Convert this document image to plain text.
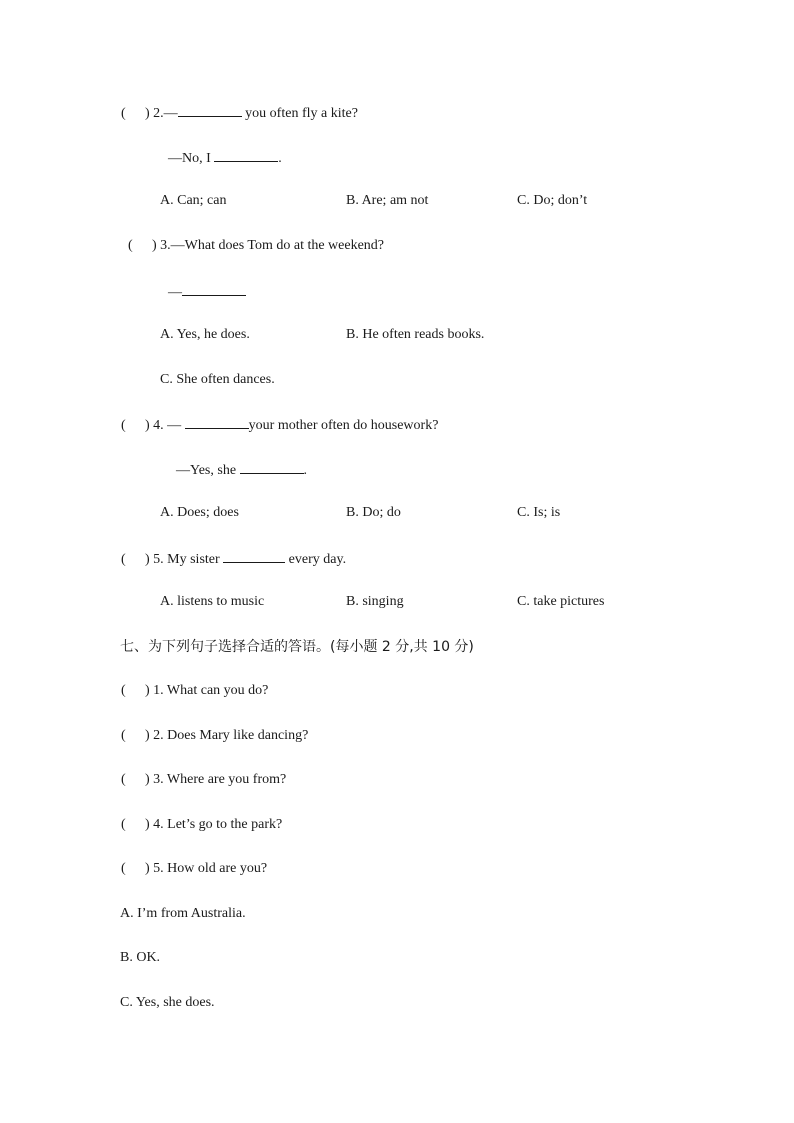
( ) 2.—	you often fly a kite?
—No, I	.
A. Can; can	B. Are; am not	C. Do; don’t
( ) 3.—What does Tom do at the weekend?
—
A. Yes, he does.	B. He often reads books.
C. She often dances.
( ) 4. —	your mother often do housework?
—Yes, she	.
A. Does; does	B. Do; do	C. Is; is
( ) 5. My sister	every day.
A. listens to music	B. singing	C. take pictures
七、为下列句子选择合适的答语。(每小题 2 分,共 10 分)
( ) 1. What can you do?
( ) 2. Does Mary like dancing?
( ) 3. Where are you from?
( ) 4. Let’s go to the park?
( ) 5. How old are you?
A. I’m from Australia.
B. OK.
C. Yes, she does.
